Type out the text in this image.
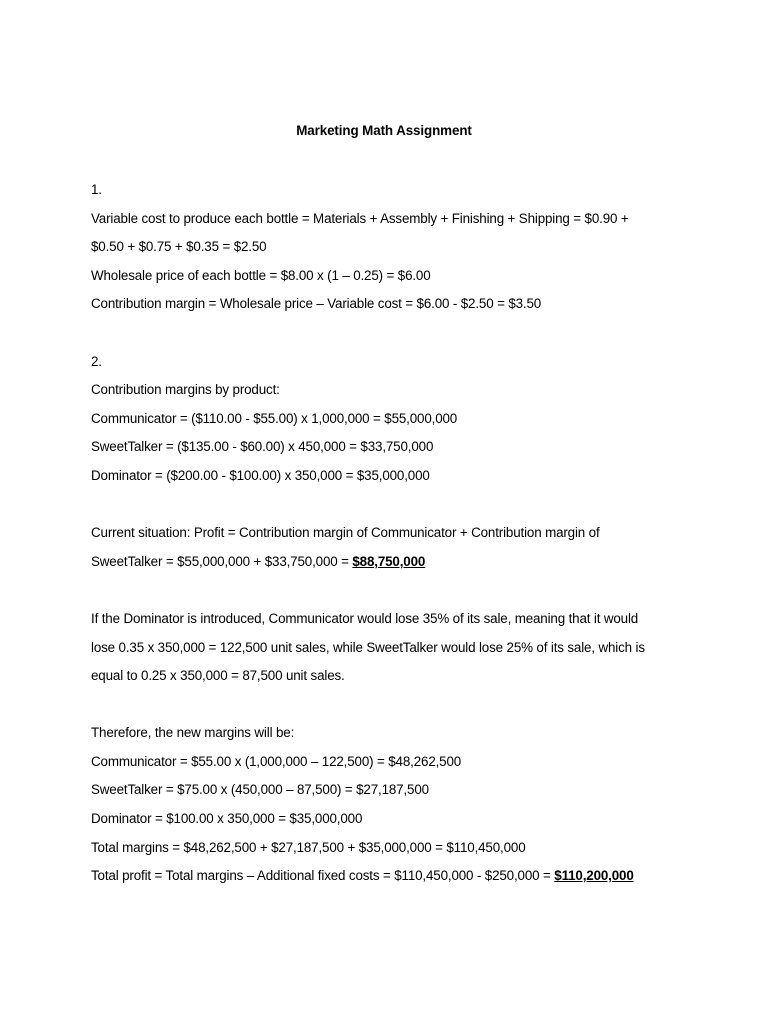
Marketing Math Assignment
1.
Variable cost to produce each bottle = Materials + Assembly + Finishing + Shipping = $0.90 +
$0.50 + $0.75 + $0.35 = $2.50
Wholesale price of each bottle = $8.00 x (1 – 0.25) = $6.00
Contribution margin = Wholesale price – Variable cost = $6.00 - $2.50 = $3.50
2.
Contribution margins by product:
Communicator = ($110.00 - $55.00) x 1,000,000 = $55,000,000
SweetTalker = ($135.00 - $60.00) x 450,000 = $33,750,000
Dominator = ($200.00 - $100.00) x 350,000 = $35,000,000
Current situation: Profit = Contribution margin of Communicator + Contribution margin of
SweetTalker = $55,000,000 + $33,750,000 = $88,750,000
If the Dominator is introduced, Communicator would lose 35% of its sale, meaning that it would
lose 0.35 x 350,000 = 122,500 unit sales, while SweetTalker would lose 25% of its sale, which is
equal to 0.25 x 350,000 = 87,500 unit sales.
Therefore, the new margins will be:
Communicator = $55.00 x (1,000,000 – 122,500) = $48,262,500
SweetTalker = $75.00 x (450,000 – 87,500) = $27,187,500
Dominator = $100.00 x 350,000 = $35,000,000
Total margins = $48,262,500 + $27,187,500 + $35,000,000 = $110,450,000
Total profit = Total margins – Additional fixed costs = $110,450,000 - $250,000 = $110,200,000
